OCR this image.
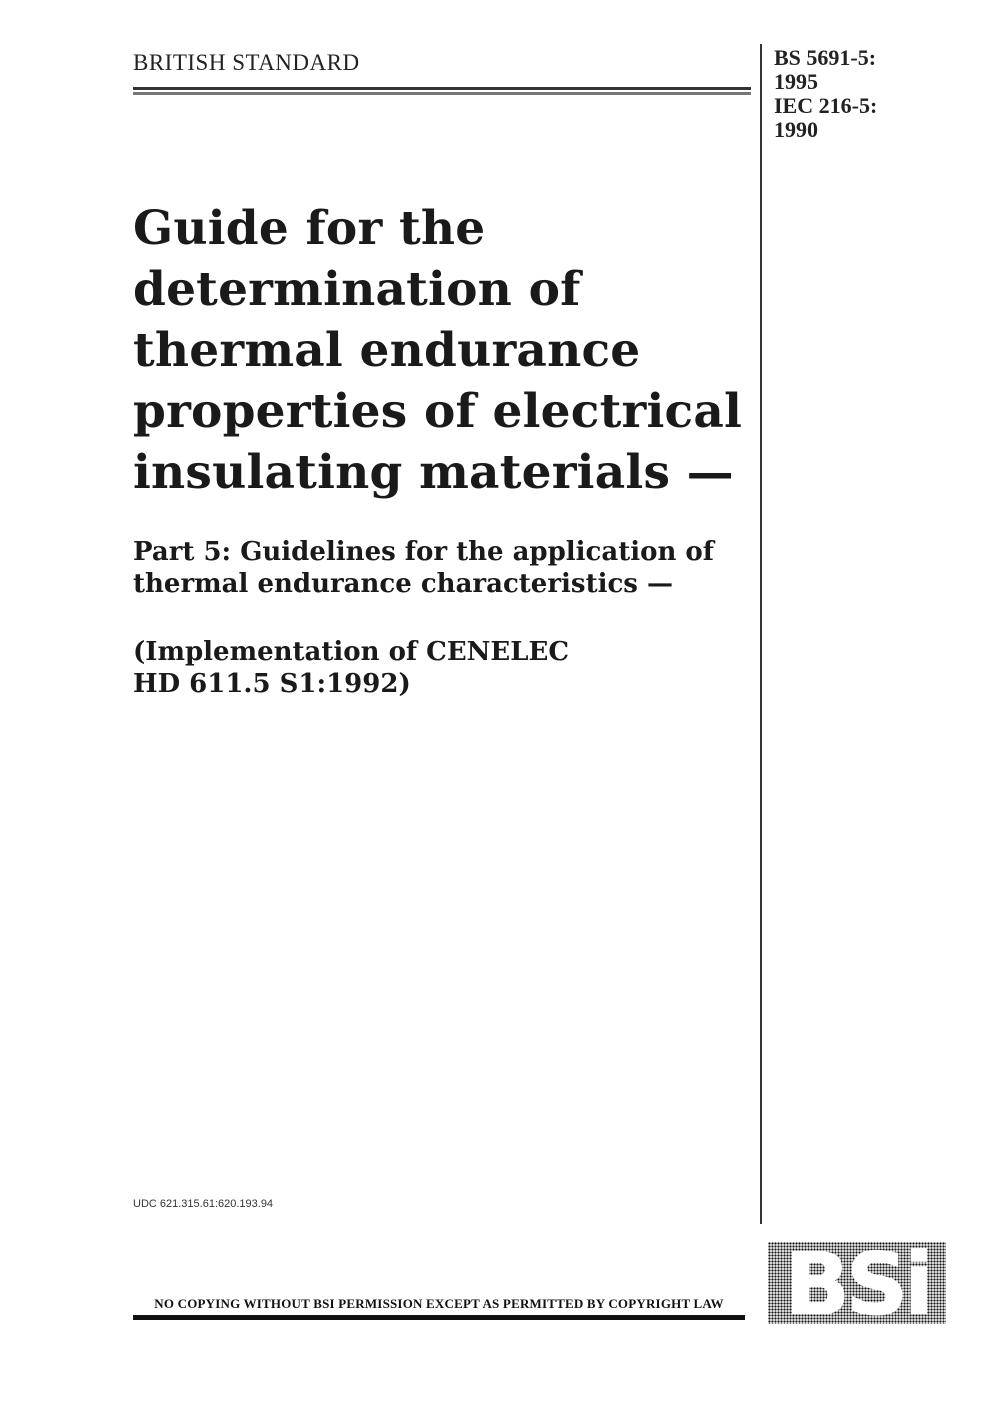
BRITISH STANDARD	BS 5691-5:
1995
IEC 216-5:
1990
Guide for the
determination of
thermal endurance
properties of electrical
insulating materials —
Part 5: Guidelines for the application of
thermal endurance characteristics —
(Implementation of CENELEC
HD 611.5 S1:1992)
UDC 621.315.61:620.193.94
NO COPYING WITHOUT BSI PERMISSION EXCEPT AS PERMITTED BY COPYRIGHT LAW BSi
